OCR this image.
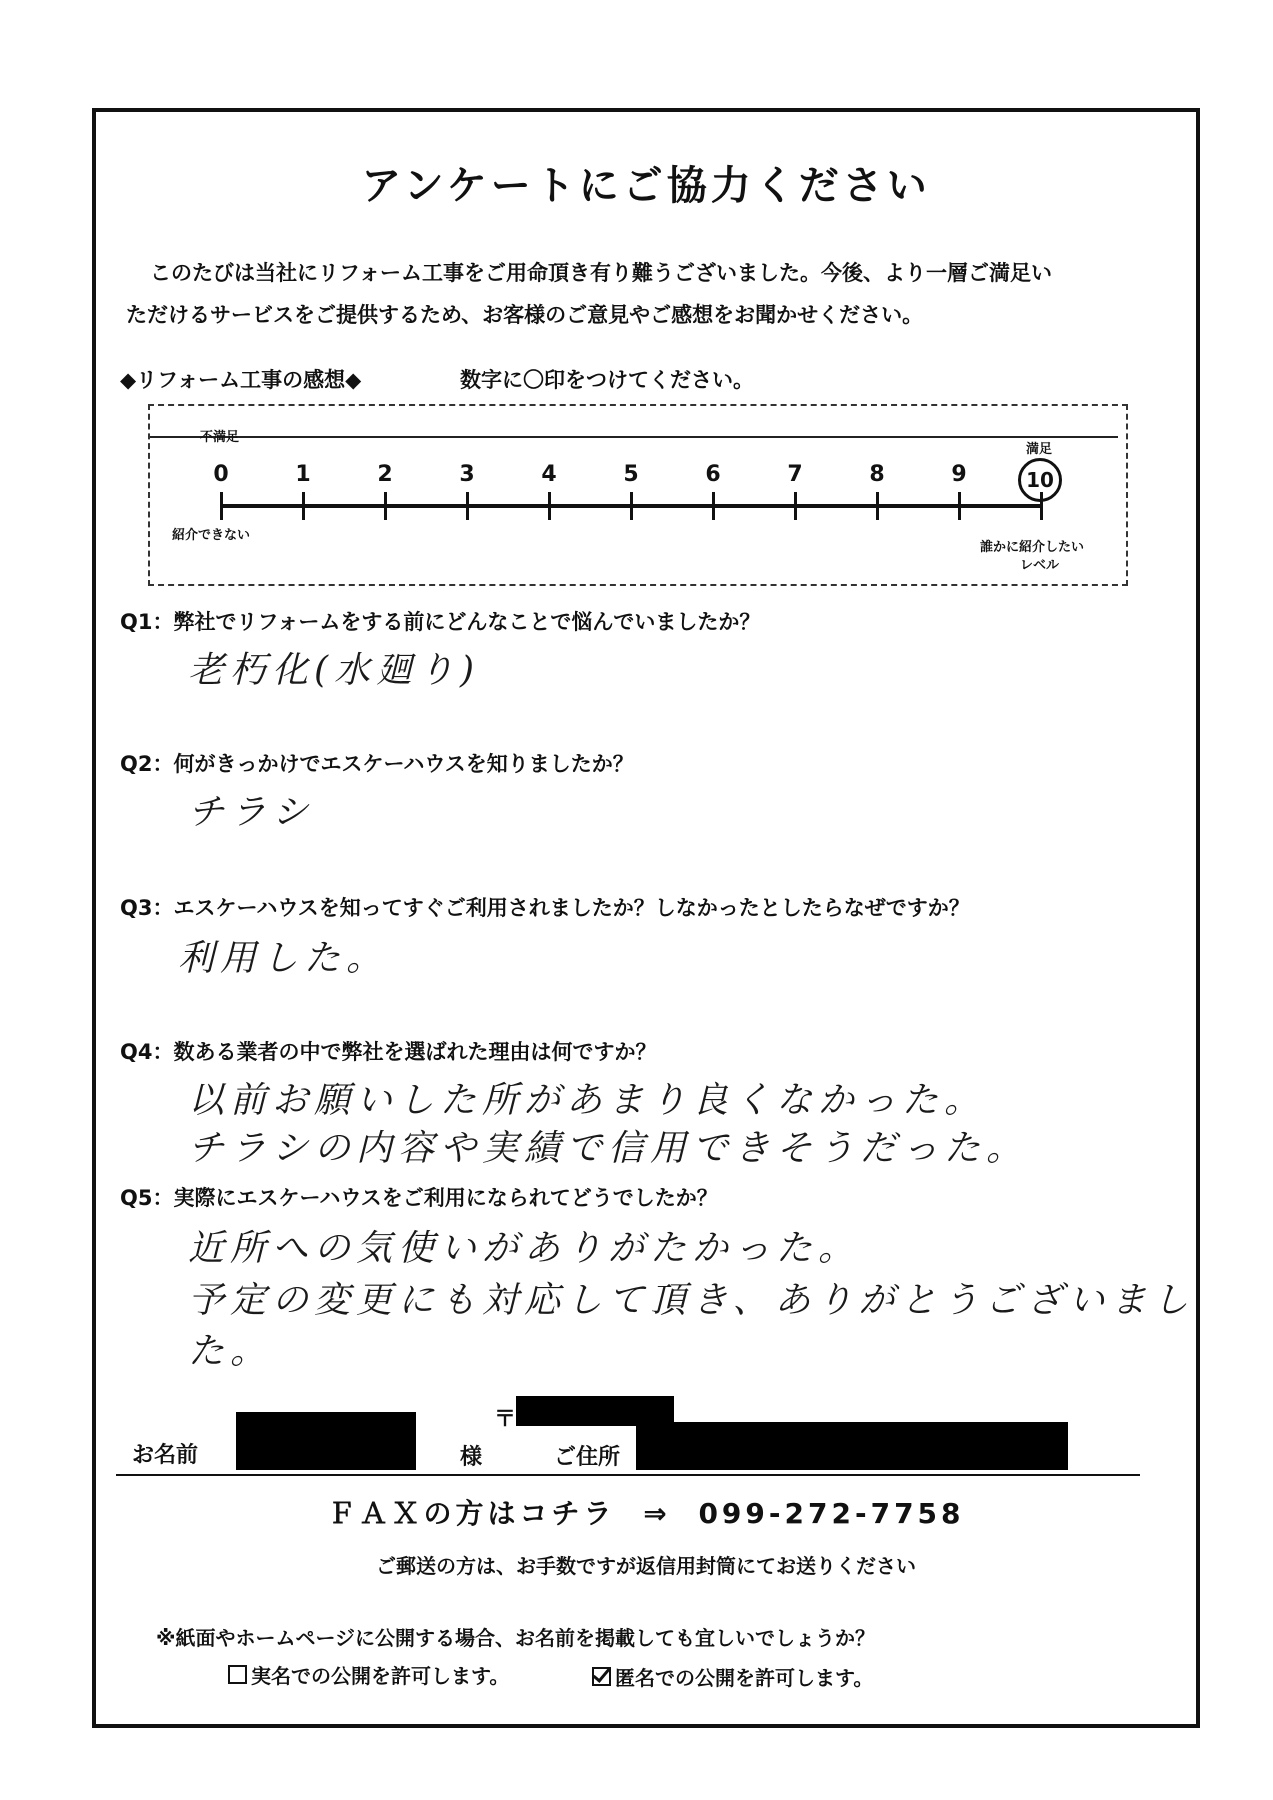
アンケートにご協力ください
このたびは当社にリフォーム工事をご用命頂き有り難うございました。今後、より一層ご満足い
ただけるサービスをご提供するため、お客様のご意見やご感想をお聞かせください。
◆リフォーム工事の感想◆	数字に〇印をつけてください。
不満足
満足
0	1	2	3	4	5	6	7	8	9	10
紹介できない
誰かに紹介したい
レベル
Q1：弊社でリフォームをする前にどんなことで悩んでいましたか？
老朽化(水廻り)
Q2：何がきっかけでエスケーハウスを知りましたか？
チラシ
Q3：エスケーハウスを知ってすぐご利用されましたか？しなかったとしたらなぜですか？
利用した。
Q4：数ある業者の中で弊社を選ばれた理由は何ですか？
以前お願いした所があまり良くなかった。
チラシの内容や実績で信用できそうだった。
Q5：実際にエスケーハウスをご利用になられてどうでしたか？
近所への気使いがありがたかった。
予定の変更にも対応して頂き、ありがとうございました。
お名前	様
〒
ご住所
ＦＡＸの方はコチラ ⇒ 099-272-7758
ご郵送の方は、お手数ですが返信用封筒にてお送りください
※紙面やホームページに公開する場合、お名前を掲載しても宜しいでしょうか？
実名での公開を許可します。	匿名での公開を許可します。
